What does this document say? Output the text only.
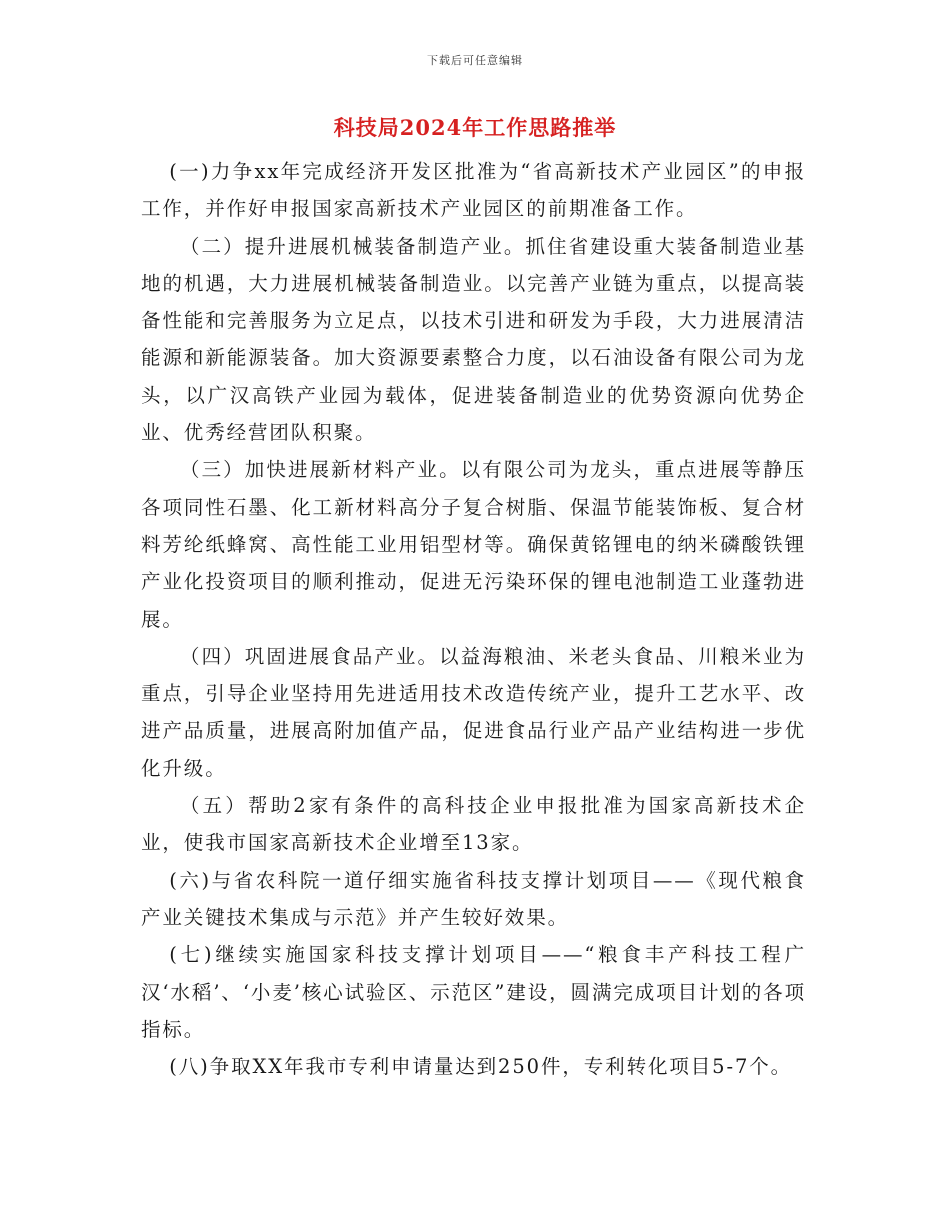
下载后可任意编辑
科技局2024年工作思路推举

(一)力争xx年完成经济开发区批准为“省高新技术产业园区”的申报工作，并作好申报国家高新技术产业园区的前期准备工作。

（二）提升进展机械装备制造产业。抓住省建设重大装备制造业基地的机遇，大力进展机械装备制造业。以完善产业链为重点，以提高装备性能和完善服务为立足点，以技术引进和研发为手段，大力进展清洁能源和新能源装备。加大资源要素整合力度，以石油设备有限公司为龙头，以广汉高铁产业园为载体，促进装备制造业的优势资源向优势企业、优秀经营团队积聚。

（三）加快进展新材料产业。以有限公司为龙头，重点进展等静压各项同性石墨、化工新材料高分子复合树脂、保温节能装饰板、复合材料芳纶纸蜂窝、高性能工业用铝型材等。确保黄铭锂电的纳米磷酸铁锂产业化投资项目的顺利推动，促进无污染环保的锂电池制造工业蓬勃进展。

（四）巩固进展食品产业。以益海粮油、米老头食品、川粮米业为重点，引导企业坚持用先进适用技术改造传统产业，提升工艺水平、改进产品质量，进展高附加值产品，促进食品行业产品产业结构进一步优化升级。

（五）帮助2家有条件的高科技企业申报批准为国家高新技术企业，使我市国家高新技术企业增至13家。

(六)与省农科院一道仔细实施省科技支撑计划项目——《现代粮食产业关键技术集成与示范》并产生较好效果。

(七)继续实施国家科技支撑计划项目——“粮食丰产科技工程广汉‘水稻’、‘小麦’核心试验区、示范区”建设，圆满完成项目计划的各项指标。

(八)争取XX年我市专利申请量达到250件，专利转化项目5-7个。
